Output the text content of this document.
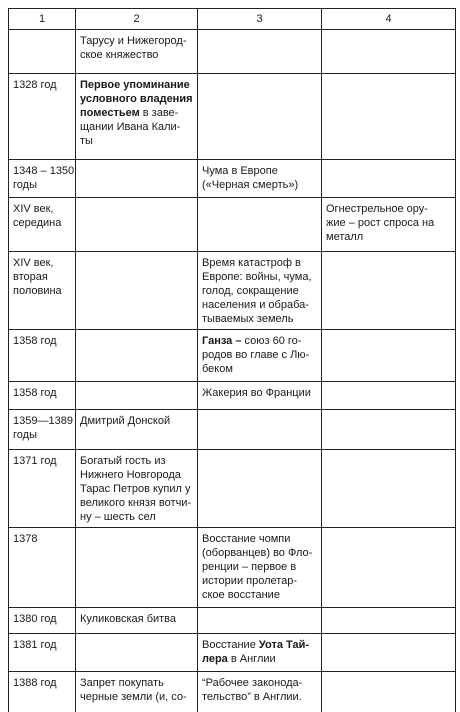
1	2	3	4
	Тарусу и Нижегород-
ское княжество		
1328 год	Первое упоминание условного владения поместьем в заве-
щании Ивана Кали-
ты		
1348 – 1350
годы		Чума в Европе
(«Черная смерть»)	
XIV век,
середина			Огнестрельное ору-
жие – рост спроса на
металл
XIV век,
вторая
половина		Время катастроф в
Европе: войны, чума,
голод, сокращение
населения и обраба-
тываемых земель	
1358 год		Ганза – союз 60 го-
родов во главе с Лю-
беком	
1358 год		Жакерия во Франции	
1359—1389
годы	Дмитрий Донской		
1371 год	Богатый гость из
Нижнего Новгорода
Тарас Петров купил у
великого князя вотчи-
ну – шесть сел		
1378		Восстание чомпи
(оборванцев) во Фло-
ренции – первое в
истории пролетар-
ское восстание	
1380 год	Куликовская битва		
1381 год		Восстание Уота Тай-
лера в Англии	
1388 год	Запрет покупать
черные земли (и, со-	“Рабочее законода-
тельство” в Англии.	
